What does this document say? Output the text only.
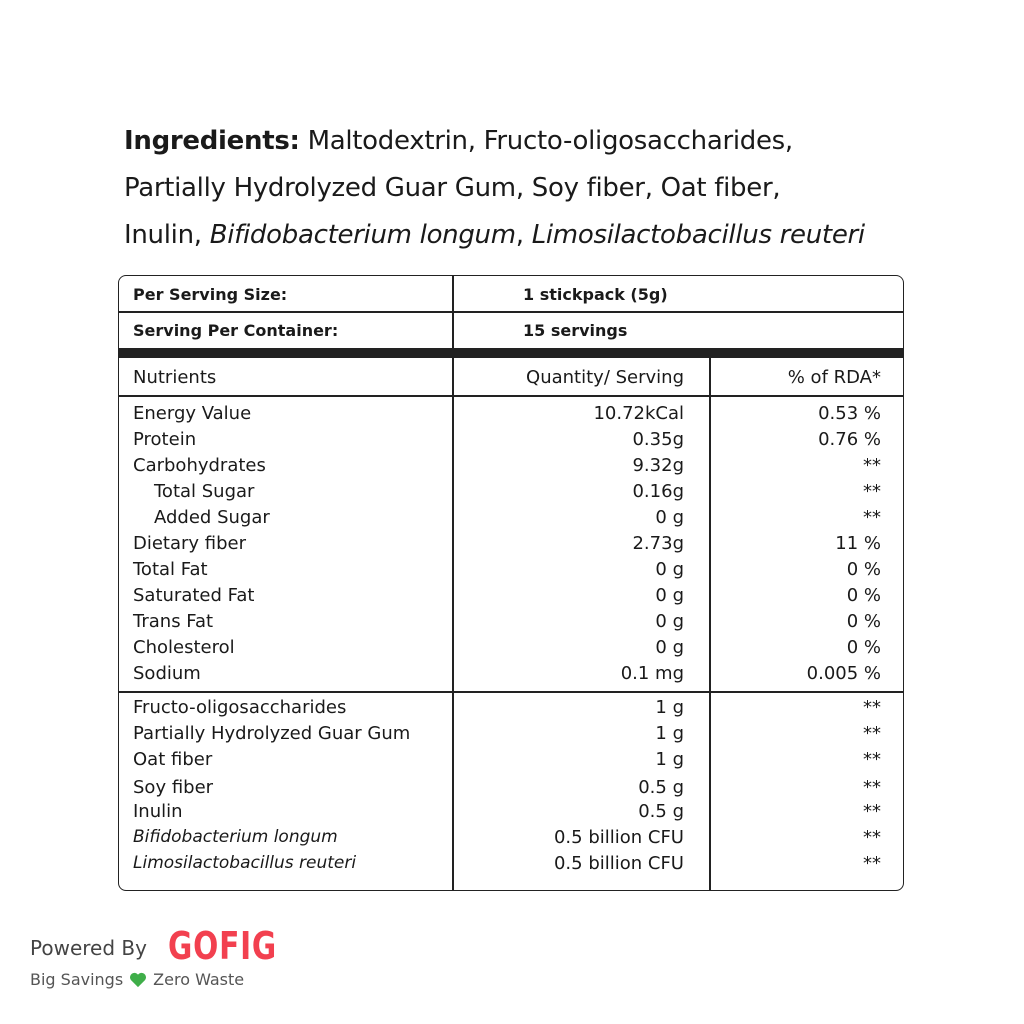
Ingredients: Maltodextrin, Fructo-oligosaccharides,
Partially Hydrolyzed Guar Gum, Soy fiber, Oat fiber,
Inulin, Bifidobacterium longum, Limosilactobacillus reuteri
Per Serving Size:	1 stickpack (5g)
Serving Per Container:	15 servings
Nutrients	Quantity/ Serving	% of RDA*
Energy Value	10.72kCal	0.53 %
Protein	0.35g	0.76 %
Carbohydrates	9.32g	**
Total Sugar	0.16g	**
Added Sugar	0 g	**
Dietary fiber	2.73g	11 %
Total Fat	0 g	0 %
Saturated Fat	0 g	0 %
Trans Fat	0 g	0 %
Cholesterol	0 g	0 %
Sodium	0.1 mg	0.005 %
Fructo-oligosaccharides	1 g	**
Partially Hydrolyzed Guar Gum	1 g	**
Oat fiber	1 g	**
Soy fiber	0.5 g	**
Inulin	0.5 g	**
Bifidobacterium longum	0.5 billion CFU	**
Limosilactobacillus reuteri	0.5 billion CFU	**
Powered By GOFIG
Big Savings Zero Waste
